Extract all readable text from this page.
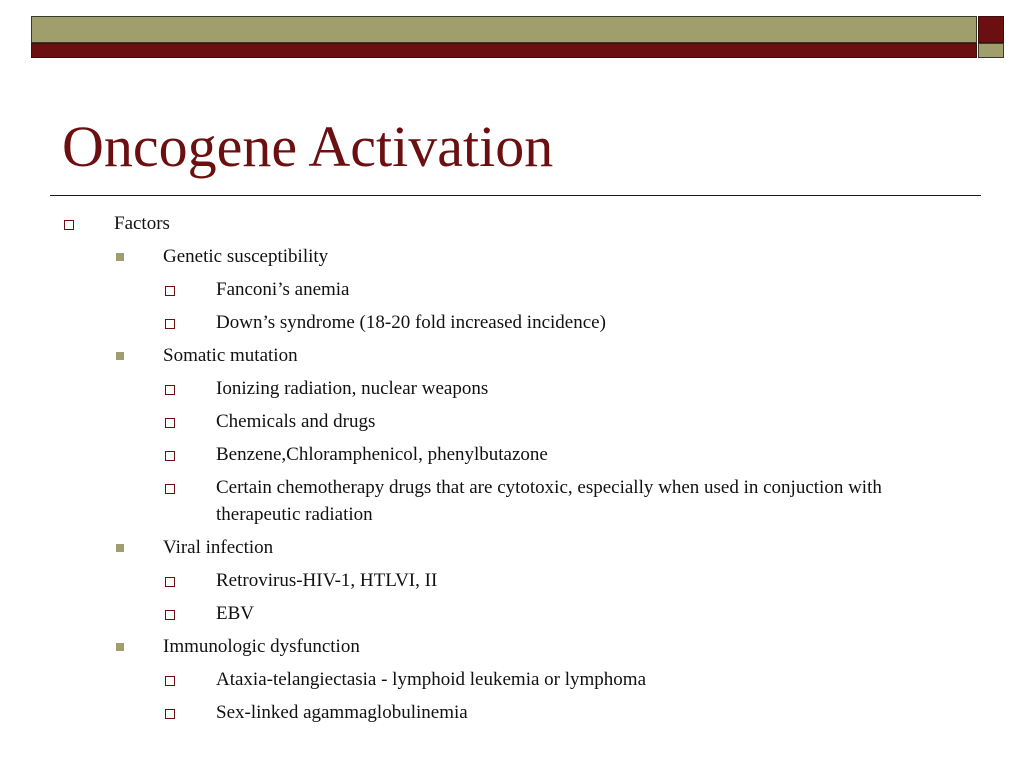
Oncogene Activation
Factors
Genetic susceptibility
Fanconi’s anemia
Down’s syndrome (18-20 fold increased incidence)
Somatic mutation
Ionizing radiation, nuclear weapons
Chemicals and drugs
Benzene,Chloramphenicol, phenylbutazone
Certain chemotherapy drugs that are cytotoxic, especially when used in conjuction with therapeutic radiation
Viral infection
Retrovirus-HIV-1, HTLVI, II
EBV
Immunologic dysfunction
Ataxia-telangiectasia - lymphoid leukemia or lymphoma
Sex-linked agammaglobulinemia
